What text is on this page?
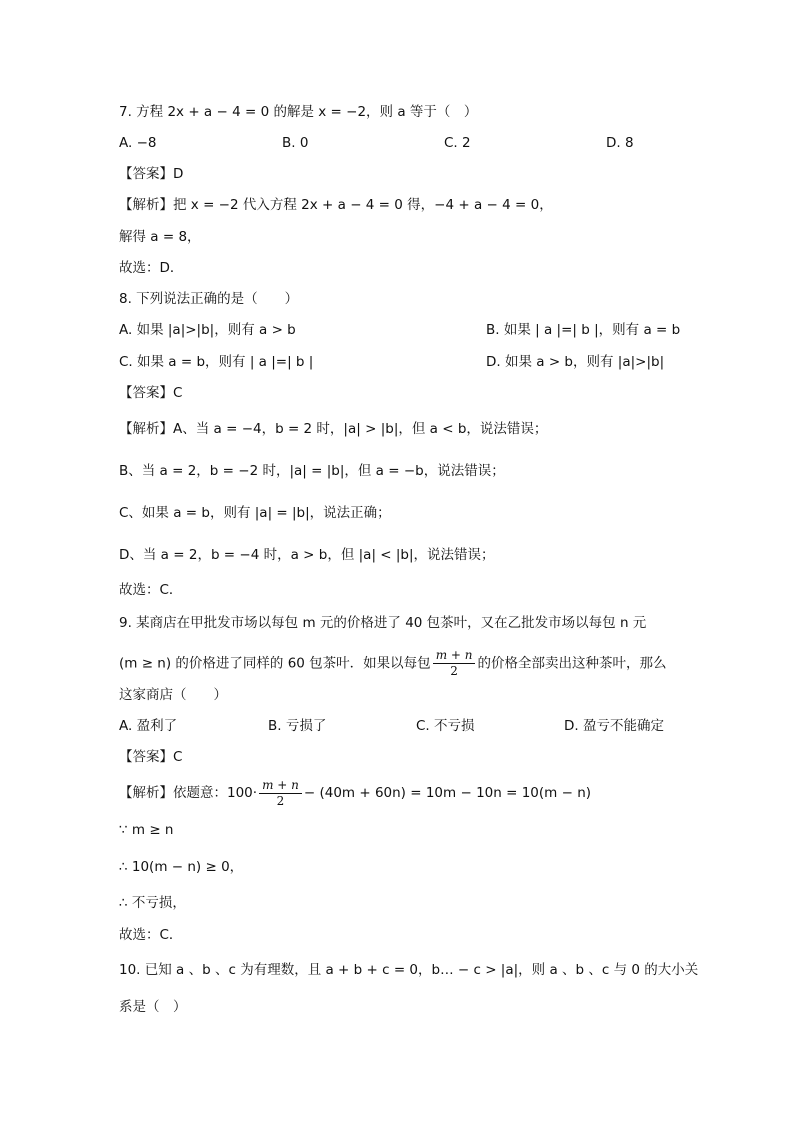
7. 方程 2x + a − 4 = 0 的解是 x = −2，则 a 等于（　）
A. −8	B. 0	C. 2	D. 8
【答案】D
【解析】把 x = −2 代入方程 2x + a − 4 = 0 得，−4 + a − 4 = 0，
解得 a = 8，
故选：D．
8. 下列说法正确的是（　　）
A. 如果 |a|>|b|，则有 a > b	B. 如果 | a |=| b |，则有 a = b
C. 如果 a = b，则有 | a |=| b |	D. 如果 a > b，则有 |a|>|b|
【答案】C
【解析】A、当 a = −4，b = 2 时，|a| > |b|，但 a < b，说法错误；
B、当 a = 2，b = −2 时，|a| = |b|，但 a = −b，说法错误；
C、如果 a = b，则有 |a| = |b|，说法正确；
D、当 a = 2，b = −4 时，a > b，但 |a| < |b|，说法错误；
故选：C．
9. 某商店在甲批发市场以每包 m 元的价格进了 40 包茶叶，又在乙批发市场以每包 n 元
(m ≥ n) 的价格进了同样的 60 包茶叶．如果以每包 $\frac{m + n}{2}$ 的价格全部卖出这种茶叶，那么
这家商店（　　）
A. 盈利了	B. 亏损了	C. 不亏损	D. 盈亏不能确定
【答案】C
【解析】依题意：$100\cdot \frac{m + n}{2} - (40m + 60n) = 10m - 10n = 10(m - n)$
∵ m ≥ n
∴ 10(m − n) ≥ 0，
∴ 不亏损，
故选：C．
10. 已知 a 、b 、c 为有理数，且 a + b + c = 0，b… − c > |a|，则 a 、b 、c 与 0 的大小关
系是（　）
